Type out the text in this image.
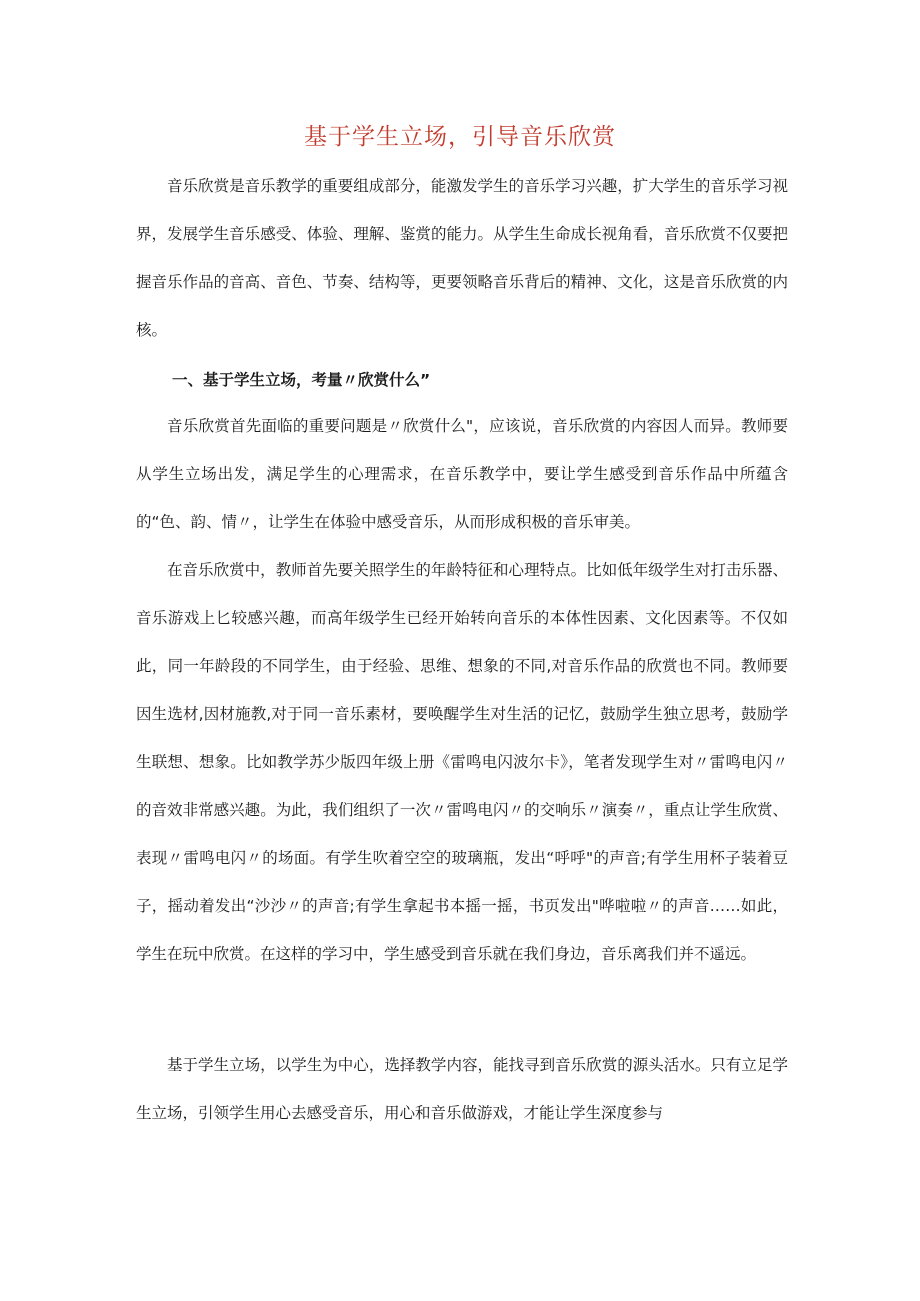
基于学生立场，引导音乐欣赏

音乐欣赏是音乐教学的重要组成部分，能激发学生的音乐学习兴趣，扩大学生的音乐学习视界，发展学生音乐感受、体验、理解、鉴赏的能力。从学生生命成长视角看，音乐欣赏不仅要把握音乐作品的音高、音色、节奏、结构等，更要领略音乐背后的精神、文化，这是音乐欣赏的内核。

一、基于学生立场，考量〃欣赏什么”

音乐欣赏首先面临的重要问题是〃欣赏什么"，应该说，音乐欣赏的内容因人而异。教师要从学生立场出发，满足学生的心理需求，在音乐教学中，要让学生感受到音乐作品中所蕴含的“色、韵、情〃，让学生在体验中感受音乐，从而形成积极的音乐审美。

在音乐欣赏中，教师首先要关照学生的年龄特征和心理特点。比如低年级学生对打击乐器、音乐游戏上匕较感兴趣，而高年级学生已经开始转向音乐的本体性因素、文化因素等。不仅如此，同一年龄段的不同学生，由于经验、思维、想象的不同,对音乐作品的欣赏也不同。教师要因生选材,因材施教,对于同一音乐素材，要唤醒学生对生活的记忆，鼓励学生独立思考，鼓励学生联想、想象。比如教学苏少版四年级上册《雷鸣电闪波尔卡》，笔者发现学生对〃雷鸣电闪〃的音效非常感兴趣。为此，我们组织了一次〃雷鸣电闪〃的交响乐〃演奏〃，重点让学生欣赏、表现〃雷鸣电闪〃的场面。有学生吹着空空的玻璃瓶，发出“呼呼"的声音;有学生用杯子装着豆子，摇动着发出“沙沙〃的声音;有学生拿起书本摇一摇，书页发出"哗啦啦〃的声音……如此，学生在玩中欣赏。在这样的学习中，学生感受到音乐就在我们身边，音乐离我们并不遥远。

基于学生立场，以学生为中心，选择教学内容，能找寻到音乐欣赏的源头活水。只有立足学生立场，引领学生用心去感受音乐，用心和音乐做游戏，才能让学生深度参与
